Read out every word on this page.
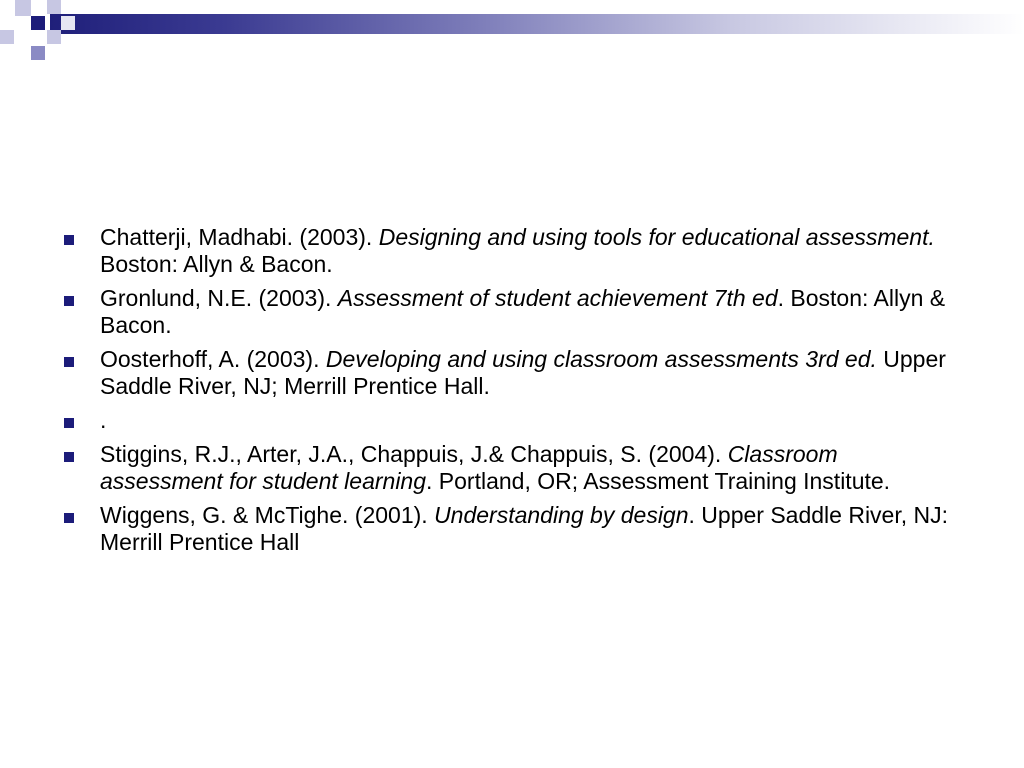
Chatterji, Madhabi. (2003). Designing and using tools for educational assessment. Boston: Allyn & Bacon.
Gronlund, N.E. (2003). Assessment of student achievement 7th ed. Boston: Allyn & Bacon.
Oosterhoff, A. (2003). Developing and using classroom assessments 3rd ed. Upper Saddle River, NJ; Merrill Prentice Hall.
.
Stiggins, R.J., Arter, J.A., Chappuis, J.& Chappuis, S. (2004). Classroom assessment for student learning. Portland, OR; Assessment Training Institute.
Wiggens, G. & McTighe. (2001). Understanding by design. Upper Saddle River, NJ: Merrill Prentice Hall
